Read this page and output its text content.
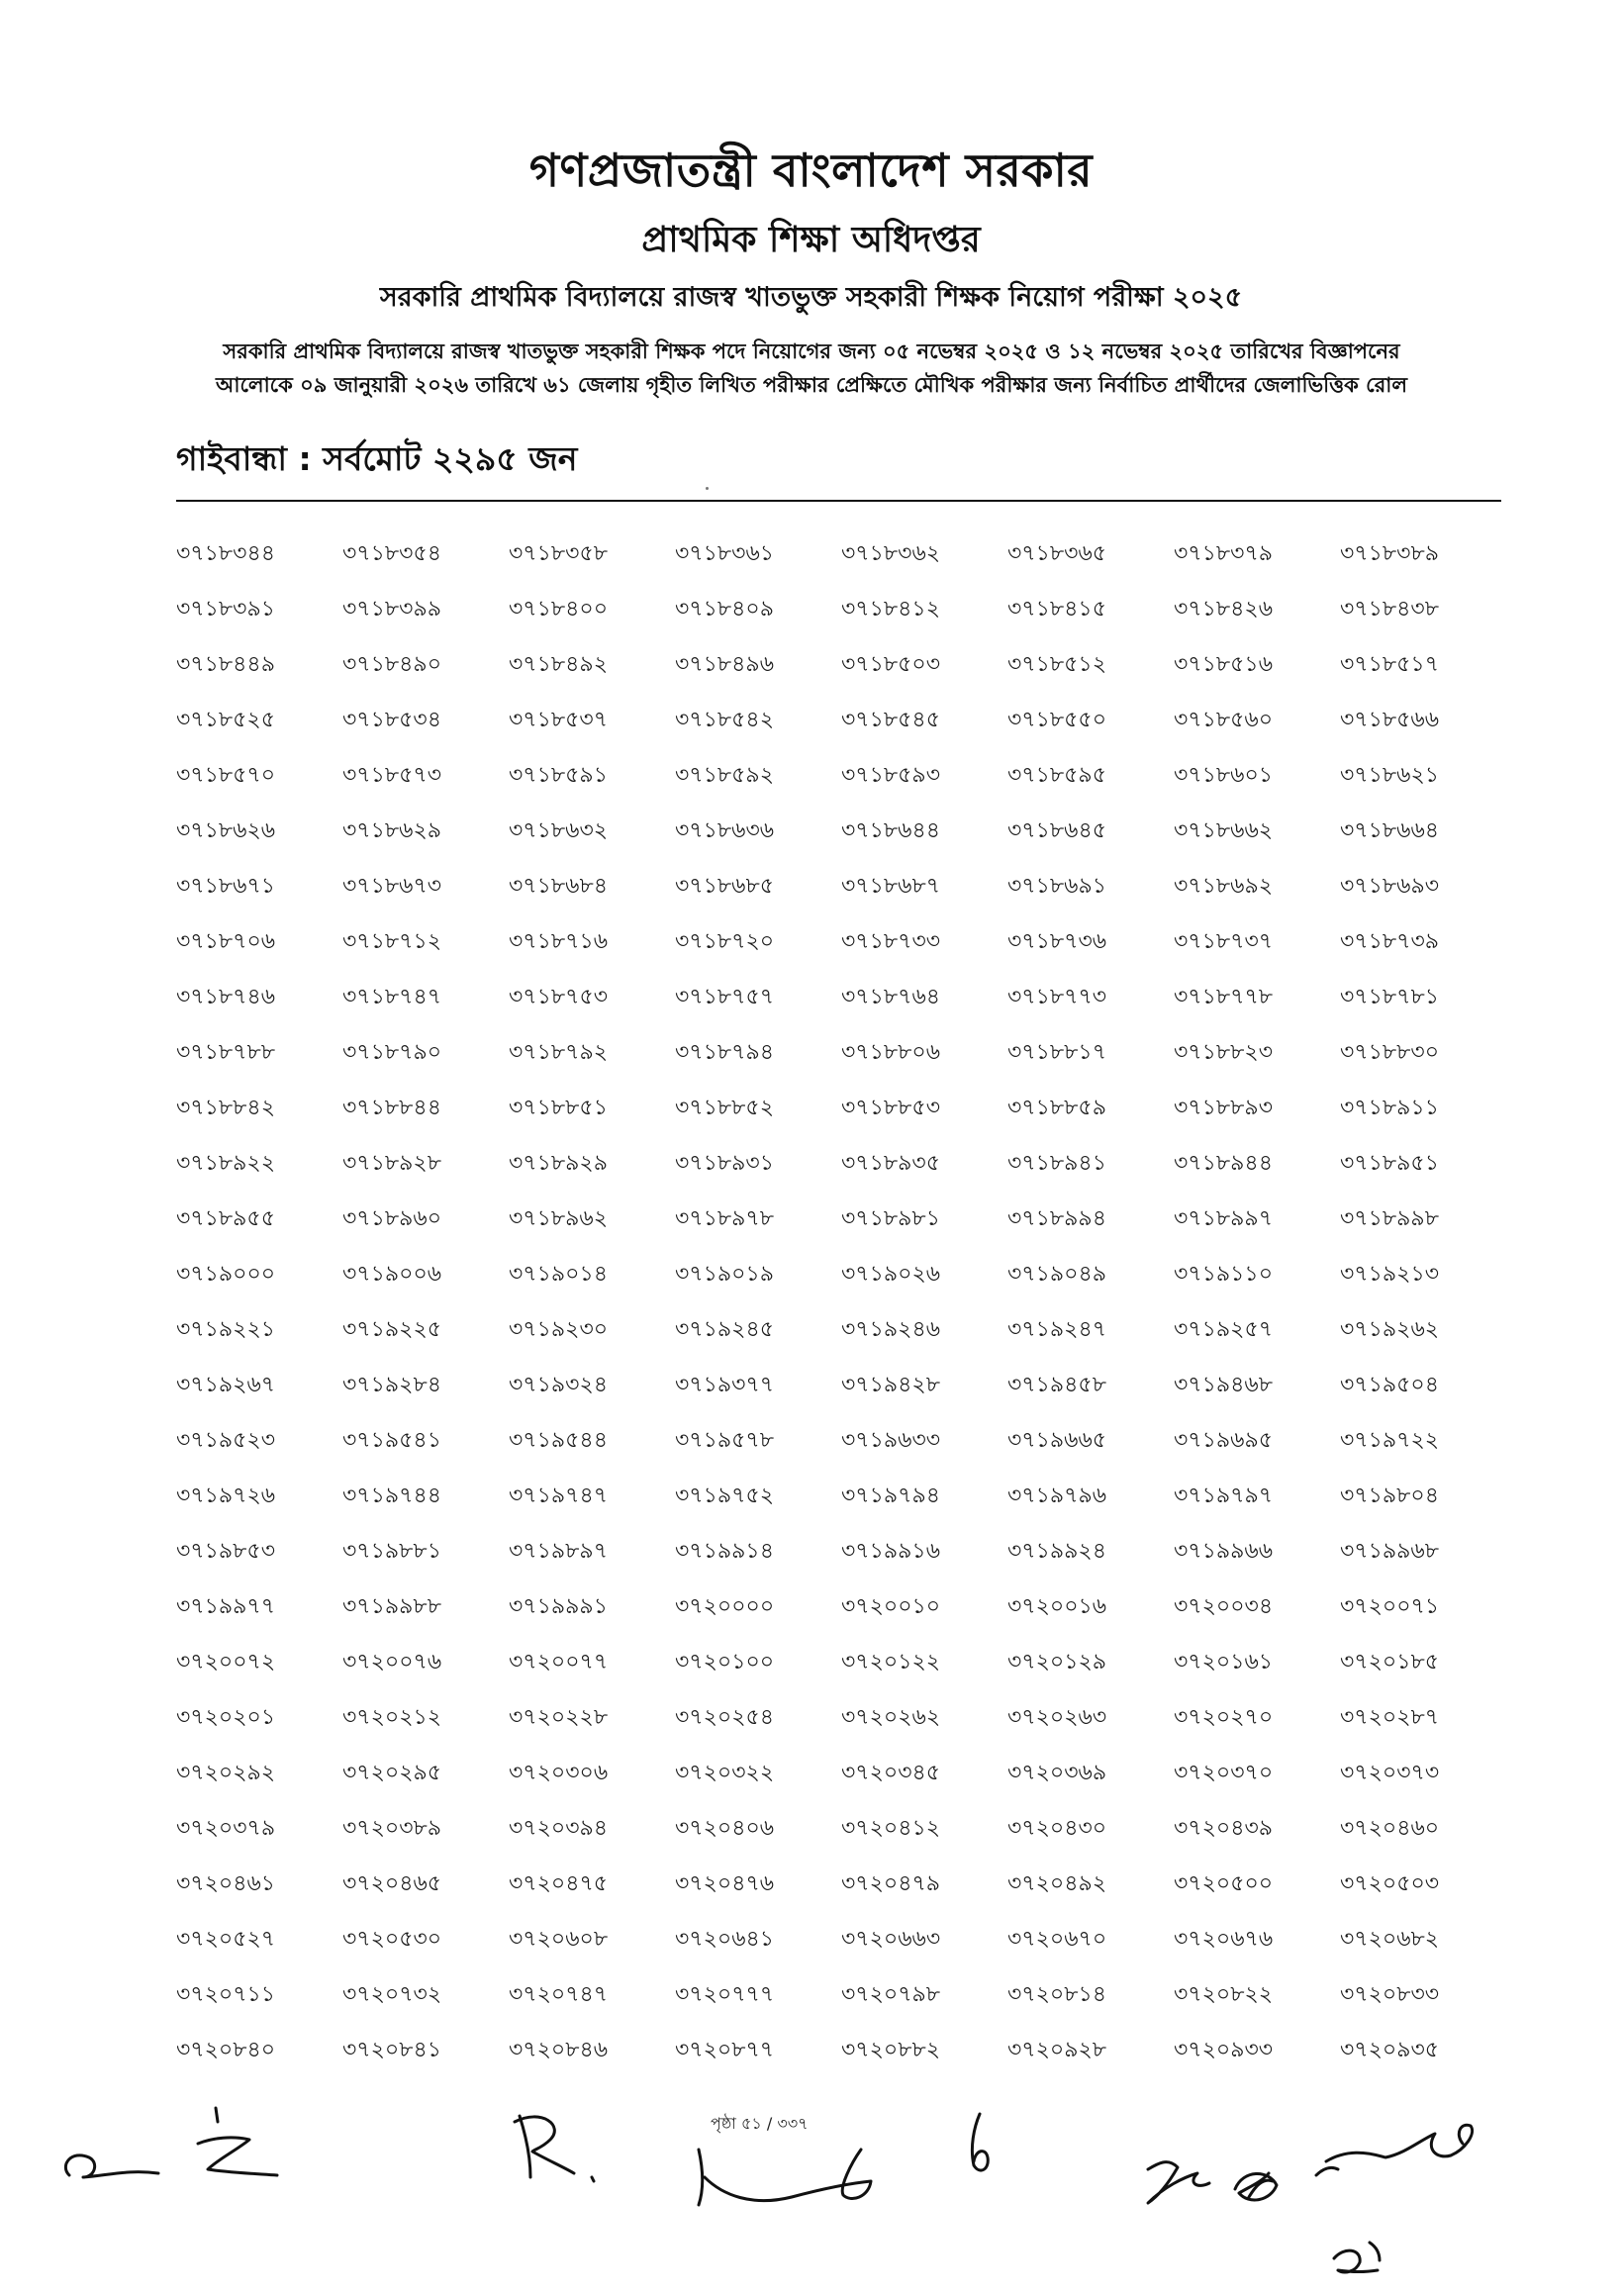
গণপ্রজাতন্ত্রী বাংলাদেশ সরকার
প্রাথমিক শিক্ষা অধিদপ্তর
সরকারি প্রাথমিক বিদ্যালয়ে রাজস্ব খাতভুক্ত সহকারী শিক্ষক নিয়োগ পরীক্ষা ২০২৫
সরকারি প্রাথমিক বিদ্যালয়ে রাজস্ব খাতভুক্ত সহকারী শিক্ষক পদে নিয়োগের জন্য ০৫ নভেম্বর ২০২৫ ও ১২ নভেম্বর ২০২৫ তারিখের বিজ্ঞাপনের
আলোকে ০৯ জানুয়ারী ২০২৬ তারিখে ৬১ জেলায় গৃহীত লিখিত পরীক্ষার প্রেক্ষিতে মৌখিক পরীক্ষার জন্য নির্বাচিত প্রার্থীদের জেলাভিত্তিক রোল
গাইবান্ধা : সর্বমোট ২২৯৫ জন
৩৭১৮৩৪৪	৩৭১৮৩৫৪	৩৭১৮৩৫৮	৩৭১৮৩৬১	৩৭১৮৩৬২	৩৭১৮৩৬৫	৩৭১৮৩৭৯	৩৭১৮৩৮৯
৩৭১৮৩৯১	৩৭১৮৩৯৯	৩৭১৮৪০০	৩৭১৮৪০৯	৩৭১৮৪১২	৩৭১৮৪১৫	৩৭১৮৪২৬	৩৭১৮৪৩৮
৩৭১৮৪৪৯	৩৭১৮৪৯০	৩৭১৮৪৯২	৩৭১৮৪৯৬	৩৭১৮৫০৩	৩৭১৮৫১২	৩৭১৮৫১৬	৩৭১৮৫১৭
৩৭১৮৫২৫	৩৭১৮৫৩৪	৩৭১৮৫৩৭	৩৭১৮৫৪২	৩৭১৮৫৪৫	৩৭১৮৫৫০	৩৭১৮৫৬০	৩৭১৮৫৬৬
৩৭১৮৫৭০	৩৭১৮৫৭৩	৩৭১৮৫৯১	৩৭১৮৫৯২	৩৭১৮৫৯৩	৩৭১৮৫৯৫	৩৭১৮৬০১	৩৭১৮৬২১
৩৭১৮৬২৬	৩৭১৮৬২৯	৩৭১৮৬৩২	৩৭১৮৬৩৬	৩৭১৮৬৪৪	৩৭১৮৬৪৫	৩৭১৮৬৬২	৩৭১৮৬৬৪
৩৭১৮৬৭১	৩৭১৮৬৭৩	৩৭১৮৬৮৪	৩৭১৮৬৮৫	৩৭১৮৬৮৭	৩৭১৮৬৯১	৩৭১৮৬৯২	৩৭১৮৬৯৩
৩৭১৮৭০৬	৩৭১৮৭১২	৩৭১৮৭১৬	৩৭১৮৭২০	৩৭১৮৭৩৩	৩৭১৮৭৩৬	৩৭১৮৭৩৭	৩৭১৮৭৩৯
৩৭১৮৭৪৬	৩৭১৮৭৪৭	৩৭১৮৭৫৩	৩৭১৮৭৫৭	৩৭১৮৭৬৪	৩৭১৮৭৭৩	৩৭১৮৭৭৮	৩৭১৮৭৮১
৩৭১৮৭৮৮	৩৭১৮৭৯০	৩৭১৮৭৯২	৩৭১৮৭৯৪	৩৭১৮৮০৬	৩৭১৮৮১৭	৩৭১৮৮২৩	৩৭১৮৮৩০
৩৭১৮৮৪২	৩৭১৮৮৪৪	৩৭১৮৮৫১	৩৭১৮৮৫২	৩৭১৮৮৫৩	৩৭১৮৮৫৯	৩৭১৮৮৯৩	৩৭১৮৯১১
৩৭১৮৯২২	৩৭১৮৯২৮	৩৭১৮৯২৯	৩৭১৮৯৩১	৩৭১৮৯৩৫	৩৭১৮৯৪১	৩৭১৮৯৪৪	৩৭১৮৯৫১
৩৭১৮৯৫৫	৩৭১৮৯৬০	৩৭১৮৯৬২	৩৭১৮৯৭৮	৩৭১৮৯৮১	৩৭১৮৯৯৪	৩৭১৮৯৯৭	৩৭১৮৯৯৮
৩৭১৯০০০	৩৭১৯০০৬	৩৭১৯০১৪	৩৭১৯০১৯	৩৭১৯০২৬	৩৭১৯০৪৯	৩৭১৯১১০	৩৭১৯২১৩
৩৭১৯২২১	৩৭১৯২২৫	৩৭১৯২৩০	৩৭১৯২৪৫	৩৭১৯২৪৬	৩৭১৯২৪৭	৩৭১৯২৫৭	৩৭১৯২৬২
৩৭১৯২৬৭	৩৭১৯২৮৪	৩৭১৯৩২৪	৩৭১৯৩৭৭	৩৭১৯৪২৮	৩৭১৯৪৫৮	৩৭১৯৪৬৮	৩৭১৯৫০৪
৩৭১৯৫২৩	৩৭১৯৫৪১	৩৭১৯৫৪৪	৩৭১৯৫৭৮	৩৭১৯৬৩৩	৩৭১৯৬৬৫	৩৭১৯৬৯৫	৩৭১৯৭২২
৩৭১৯৭২৬	৩৭১৯৭৪৪	৩৭১৯৭৪৭	৩৭১৯৭৫২	৩৭১৯৭৯৪	৩৭১৯৭৯৬	৩৭১৯৭৯৭	৩৭১৯৮০৪
৩৭১৯৮৫৩	৩৭১৯৮৮১	৩৭১৯৮৯৭	৩৭১৯৯১৪	৩৭১৯৯১৬	৩৭১৯৯২৪	৩৭১৯৯৬৬	৩৭১৯৯৬৮
৩৭১৯৯৭৭	৩৭১৯৯৮৮	৩৭১৯৯৯১	৩৭২০০০০	৩৭২০০১০	৩৭২০০১৬	৩৭২০০৩৪	৩৭২০০৭১
৩৭২০০৭২	৩৭২০০৭৬	৩৭২০০৭৭	৩৭২০১০০	৩৭২০১২২	৩৭২০১২৯	৩৭২০১৬১	৩৭২০১৮৫
৩৭২০২০১	৩৭২০২১২	৩৭২০২২৮	৩৭২০২৫৪	৩৭২০২৬২	৩৭২০২৬৩	৩৭২০২৭০	৩৭২০২৮৭
৩৭২০২৯২	৩৭২০২৯৫	৩৭২০৩০৬	৩৭২০৩২২	৩৭২০৩৪৫	৩৭২০৩৬৯	৩৭২০৩৭০	৩৭২০৩৭৩
৩৭২০৩৭৯	৩৭২০৩৮৯	৩৭২০৩৯৪	৩৭২০৪০৬	৩৭২০৪১২	৩৭২০৪৩০	৩৭২০৪৩৯	৩৭২০৪৬০
৩৭২০৪৬১	৩৭২০৪৬৫	৩৭২০৪৭৫	৩৭২০৪৭৬	৩৭২০৪৭৯	৩৭২০৪৯২	৩৭২০৫০০	৩৭২০৫০৩
৩৭২০৫২৭	৩৭২০৫৩০	৩৭২০৬০৮	৩৭২০৬৪১	৩৭২০৬৬৩	৩৭২০৬৭০	৩৭২০৬৭৬	৩৭২০৬৮২
৩৭২০৭১১	৩৭২০৭৩২	৩৭২০৭৪৭	৩৭২০৭৭৭	৩৭২০৭৯৮	৩৭২০৮১৪	৩৭২০৮২২	৩৭২০৮৩৩
৩৭২০৮৪০	৩৭২০৮৪১	৩৭২০৮৪৬	৩৭২০৮৭৭	৩৭২০৮৮২	৩৭২০৯২৮	৩৭২০৯৩৩	৩৭২০৯৩৫
পৃষ্ঠা ৫১ / ৩৩৭
